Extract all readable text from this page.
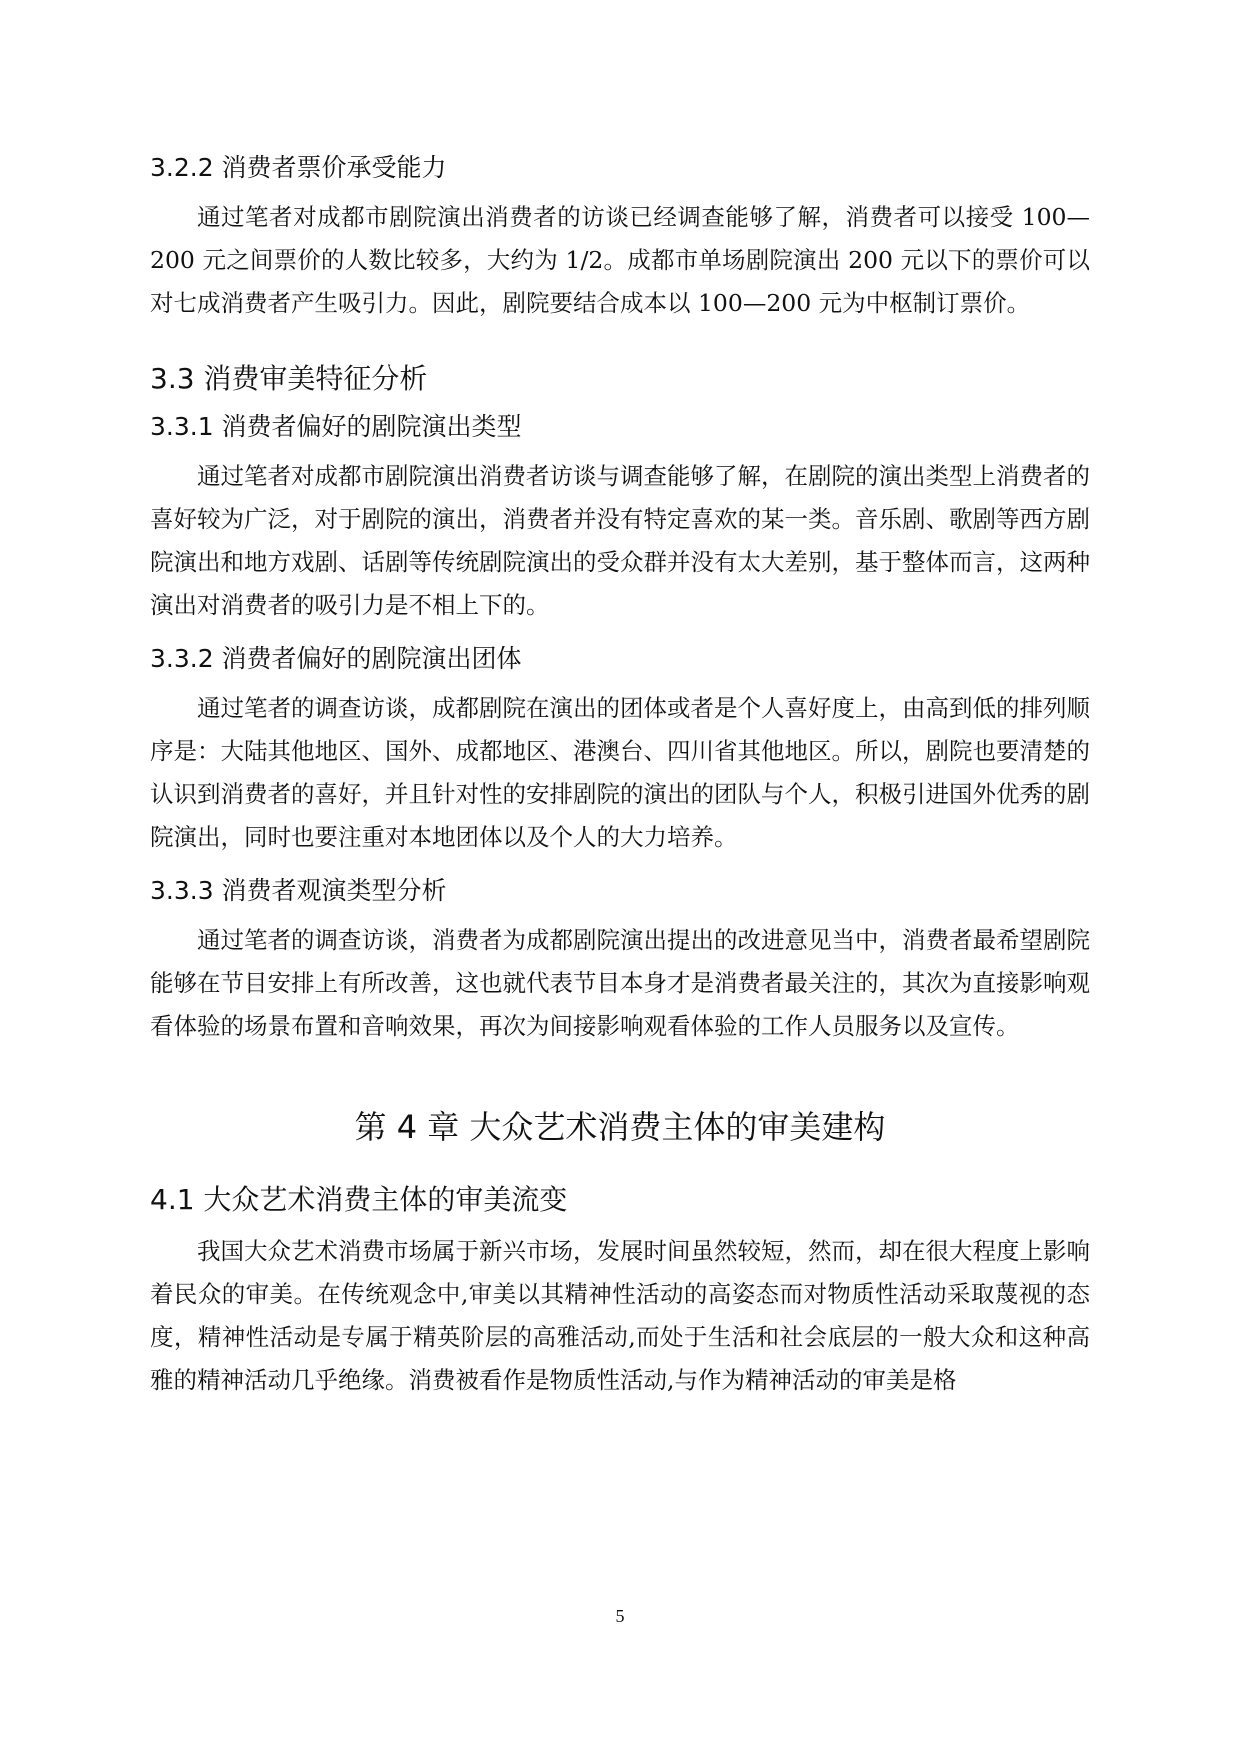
3.2.2 消费者票价承受能力

通过笔者对成都市剧院演出消费者的访谈已经调查能够了解，消费者可以接受 100—200 元之间票价的人数比较多，大约为 1/2。成都市单场剧院演出 200 元以下的票价可以对七成消费者产生吸引力。因此，剧院要结合成本以 100—200 元为中枢制订票价。

3.3 消费审美特征分析
3.3.1 消费者偏好的剧院演出类型

通过笔者对成都市剧院演出消费者访谈与调查能够了解，在剧院的演出类型上消费者的喜好较为广泛，对于剧院的演出，消费者并没有特定喜欢的某一类。音乐剧、歌剧等西方剧院演出和地方戏剧、话剧等传统剧院演出的受众群并没有太大差别，基于整体而言，这两种演出对消费者的吸引力是不相上下的。

3.3.2 消费者偏好的剧院演出团体

通过笔者的调查访谈，成都剧院在演出的团体或者是个人喜好度上，由高到低的排列顺序是：大陆其他地区、国外、成都地区、港澳台、四川省其他地区。所以，剧院也要清楚的认识到消费者的喜好，并且针对性的安排剧院的演出的团队与个人，积极引进国外优秀的剧院演出，同时也要注重对本地团体以及个人的大力培养。

3.3.3 消费者观演类型分析

通过笔者的调查访谈，消费者为成都剧院演出提出的改进意见当中，消费者最希望剧院能够在节目安排上有所改善，这也就代表节目本身才是消费者最关注的，其次为直接影响观看体验的场景布置和音响效果，再次为间接影响观看体验的工作人员服务以及宣传。

第 4 章 大众艺术消费主体的审美建构
4.1 大众艺术消费主体的审美流变

我国大众艺术消费市场属于新兴市场，发展时间虽然较短，然而，却在很大程度上影响着民众的审美。在传统观念中,审美以其精神性活动的高姿态而对物质性活动采取蔑视的态度，精神性活动是专属于精英阶层的高雅活动,而处于生活和社会底层的一般大众和这种高雅的精神活动几乎绝缘。消费被看作是物质性活动,与作为精神活动的审美是格

5
